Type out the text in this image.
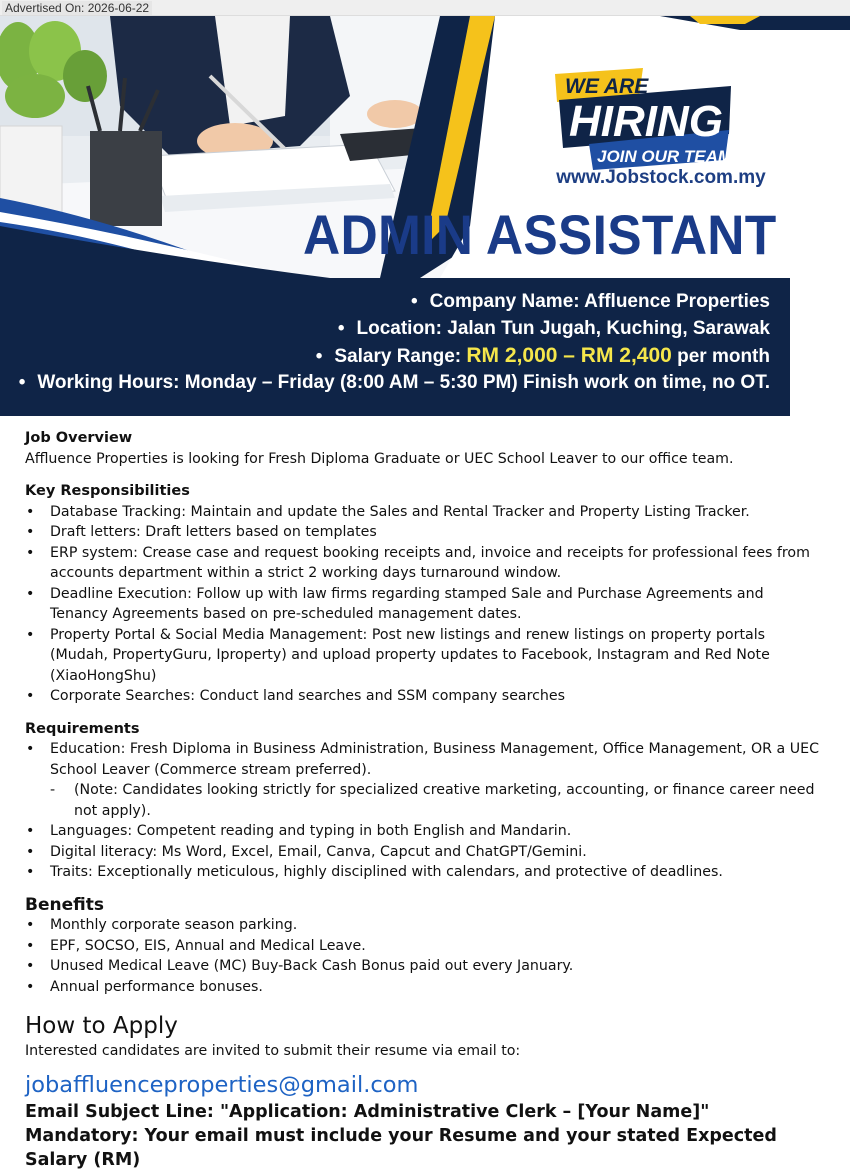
Advertised On: 2026-06-22
WE ARE
HIRING
JOIN OUR TEAM
www.Jobstock.com.my
ADMIN ASSISTANT
• Company Name: Affluence Properties
• Location: Jalan Tun Jugah, Kuching, Sarawak
• Salary Range: RM 2,000 – RM 2,400 per month
• Working Hours: Monday – Friday (8:00 AM – 5:30 PM) Finish work on time, no OT.
Job Overview
Affluence Properties is looking for Fresh Diploma Graduate or UEC School Leaver to our office team.
Key Responsibilities
• Database Tracking: Maintain and update the Sales and Rental Tracker and Property Listing Tracker.
• Draft letters: Draft letters based on templates
• ERP system: Crease case and request booking receipts and, invoice and receipts for professional fees from accounts department within a strict 2 working days turnaround window.
• Deadline Execution: Follow up with law firms regarding stamped Sale and Purchase Agreements and Tenancy Agreements based on pre-scheduled management dates.
• Property Portal & Social Media Management: Post new listings and renew listings on property portals (Mudah, PropertyGuru, Iproperty) and upload property updates to Facebook, Instagram and Red Note (XiaoHongShu)
• Corporate Searches: Conduct land searches and SSM company searches
Requirements
• Education: Fresh Diploma in Business Administration, Business Management, Office Management, OR a UEC School Leaver (Commerce stream preferred).
- (Note: Candidates looking strictly for specialized creative marketing, accounting, or finance career need not apply).
• Languages: Competent reading and typing in both English and Mandarin.
• Digital literacy: Ms Word, Excel, Email, Canva, Capcut and ChatGPT/Gemini.
• Traits: Exceptionally meticulous, highly disciplined with calendars, and protective of deadlines.
Benefits
• Monthly corporate season parking.
• EPF, SOCSO, EIS, Annual and Medical Leave.
• Unused Medical Leave (MC) Buy-Back Cash Bonus paid out every January.
• Annual performance bonuses.
How to Apply
Interested candidates are invited to submit their resume via email to:
jobaffluenceproperties@gmail.com
Email Subject Line: "Application: Administrative Clerk – [Your Name]"
Mandatory: Your email must include your Resume and your stated Expected Salary (RM)
